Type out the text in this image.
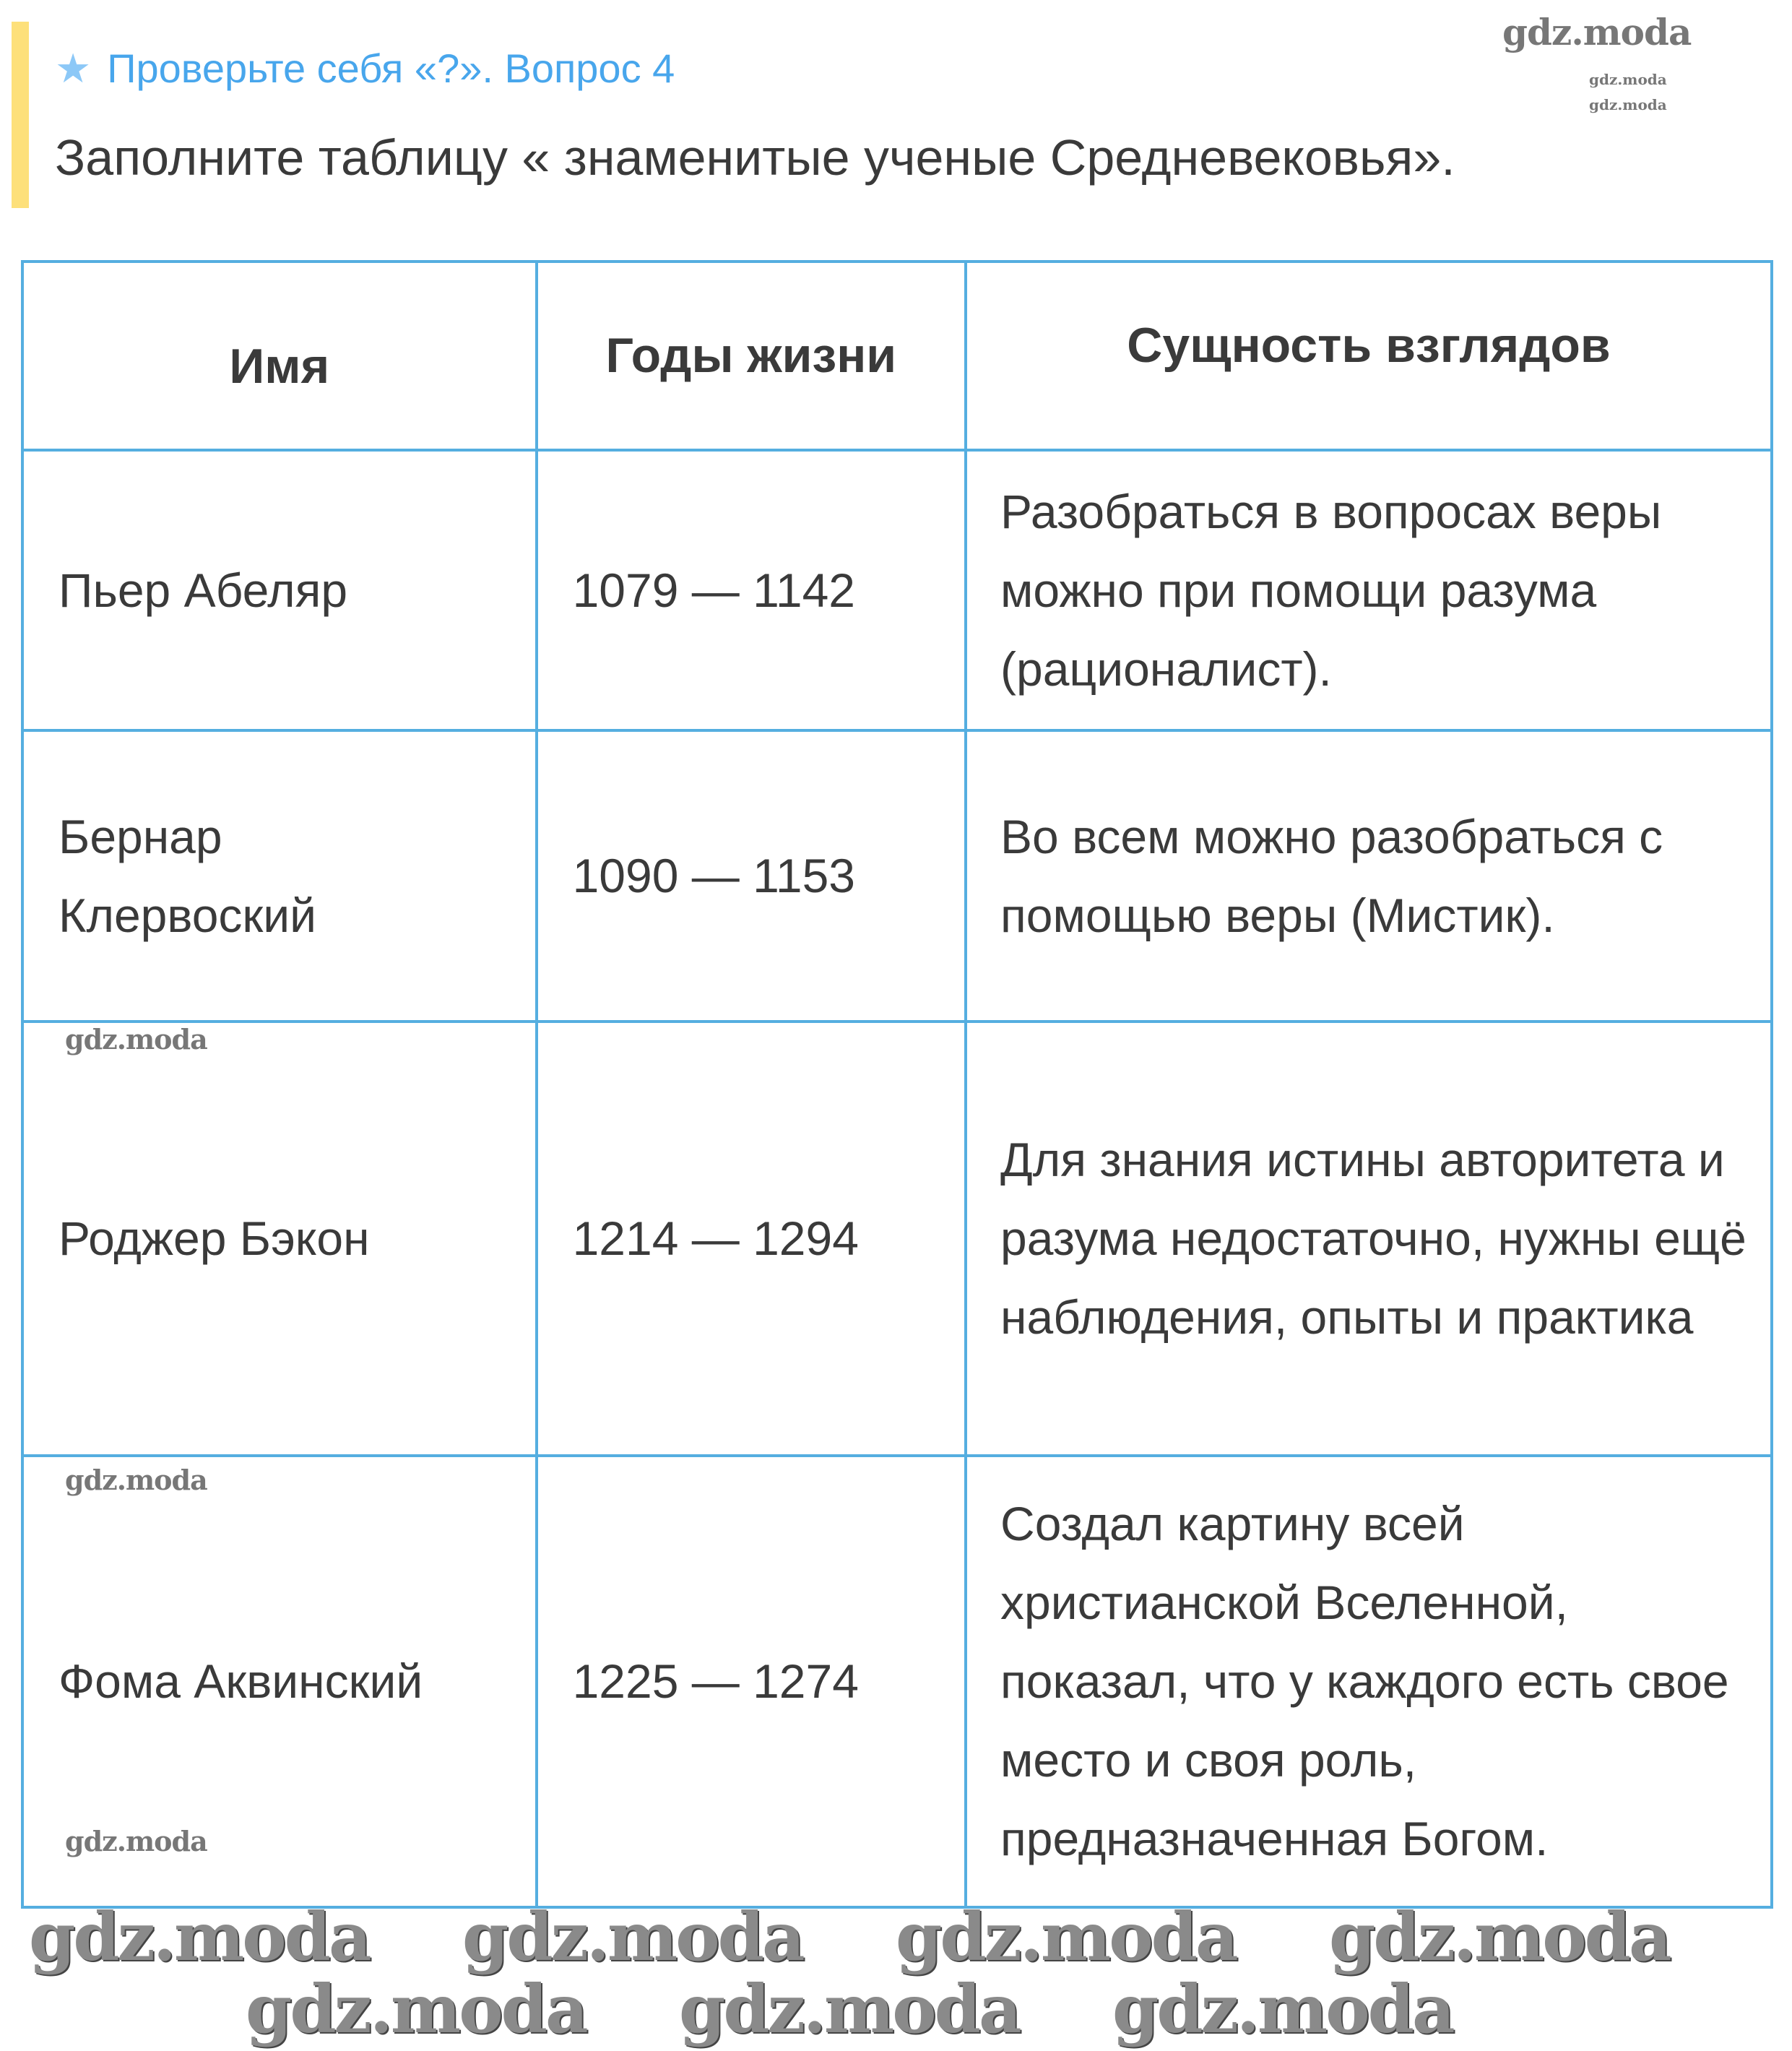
★ Проверьте себя «?». Вопрос 4
Заполните таблицу « знаменитые ученые Средневековья».
Имя	Годы жизни	Сущность взглядов
Пьер Абеляр	1079 — 1142	Разобраться в вопросах веры можно при помощи разума (рационалист).
Бернар Клервоский	1090 — 1153	Во всем можно разобраться с помощью веры (Мистик).
Роджер Бэкон	1214 — 1294	Для знания истины авторитета и разума недостаточно, нужны ещё наблюдения, опыты и практика
Фома Аквинский	1225 — 1274	Создал картину всей христианской Вселенной, показал, что у каждого есть свое место и своя роль, предназначенная Богом.
gdz.moda
gdz.moda
gdz.moda
gdz.moda
gdz.moda
gdz.moda
gdz.moda gdz.moda gdz.moda gdz.moda
gdz.moda gdz.moda gdz.moda
